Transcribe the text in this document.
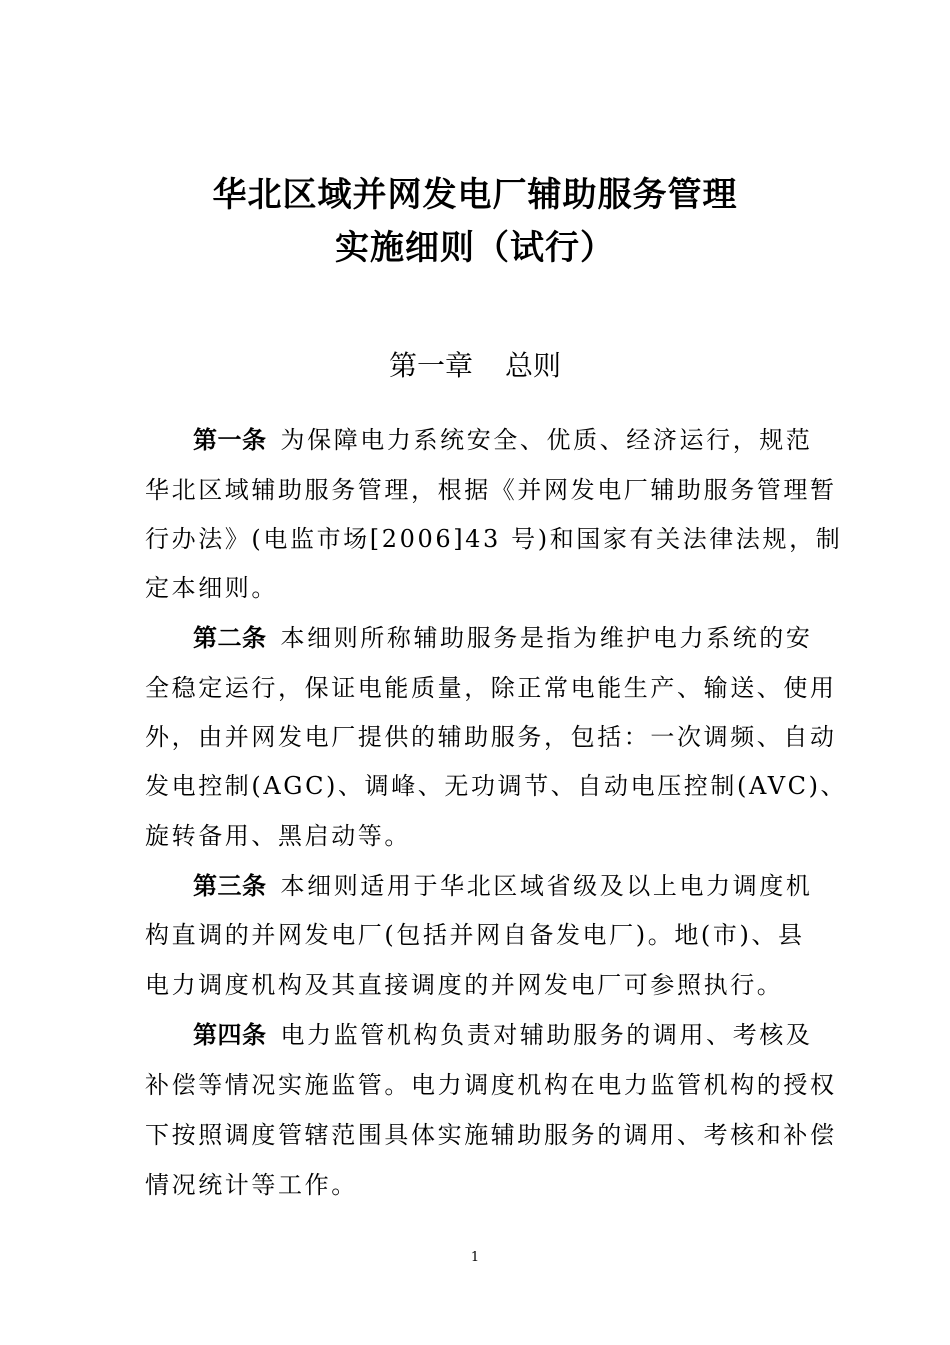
华北区域并网发电厂辅助服务管理
实施细则（试行）
第一章 总则
第一条 为保障电力系统安全、优质、经济运行，规范
华北区域辅助服务管理，根据《并网发电厂辅助服务管理暂
行办法》(电监市场[2006]43 号)和国家有关法律法规，制
定本细则。
第二条 本细则所称辅助服务是指为维护电力系统的安
全稳定运行，保证电能质量，除正常电能生产、输送、使用
外，由并网发电厂提供的辅助服务，包括：一次调频、自动
发电控制(AGC)、调峰、无功调节、自动电压控制(AVC)、
旋转备用、黑启动等。
第三条 本细则适用于华北区域省级及以上电力调度机
构直调的并网发电厂(包括并网自备发电厂)。地(市)、县
电力调度机构及其直接调度的并网发电厂可参照执行。
第四条 电力监管机构负责对辅助服务的调用、考核及
补偿等情况实施监管。电力调度机构在电力监管机构的授权
下按照调度管辖范围具体实施辅助服务的调用、考核和补偿
情况统计等工作。
1
